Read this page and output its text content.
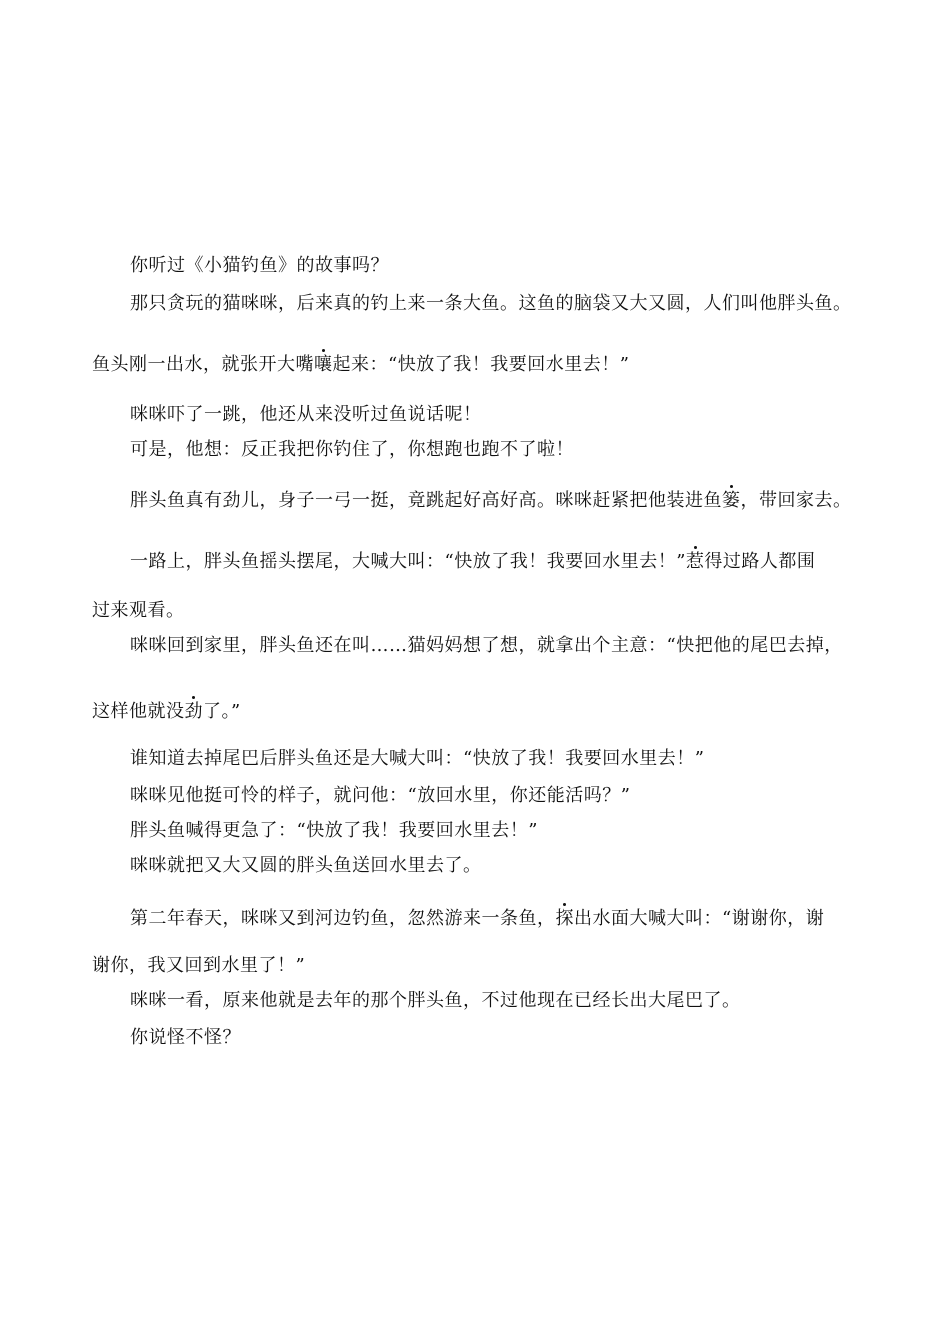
你听过《小猫钓鱼》的故事吗？
那只贪玩的猫咪咪，后来真的钓上来一条大鱼。这鱼的脑袋又大又圆，人们叫他胖头鱼。
鱼头刚一出水，就张开大嘴嚷起来：“快放了我！我要回水里去！”
咪咪吓了一跳，他还从来没听过鱼说话呢！
可是，他想：反正我把你钓住了，你想跑也跑不了啦！
胖头鱼真有劲儿，身子一弓一挺，竟跳起好高好高。咪咪赶紧把他装进鱼篓，带回家去。
一路上，胖头鱼摇头摆尾，大喊大叫：“快放了我！我要回水里去！”惹得过路人都围
过来观看。
咪咪回到家里，胖头鱼还在叫……猫妈妈想了想，就拿出个主意：“快把他的尾巴去掉，
这样他就没劲了。”
谁知道去掉尾巴后胖头鱼还是大喊大叫：“快放了我！我要回水里去！”
咪咪见他挺可怜的样子，就问他：“放回水里，你还能活吗？”
胖头鱼喊得更急了：“快放了我！我要回水里去！”
咪咪就把又大又圆的胖头鱼送回水里去了。
第二年春天，咪咪又到河边钓鱼，忽然游来一条鱼，探出水面大喊大叫：“谢谢你，谢
谢你，我又回到水里了！”
咪咪一看，原来他就是去年的那个胖头鱼，不过他现在已经长出大尾巴了。
你说怪不怪？
